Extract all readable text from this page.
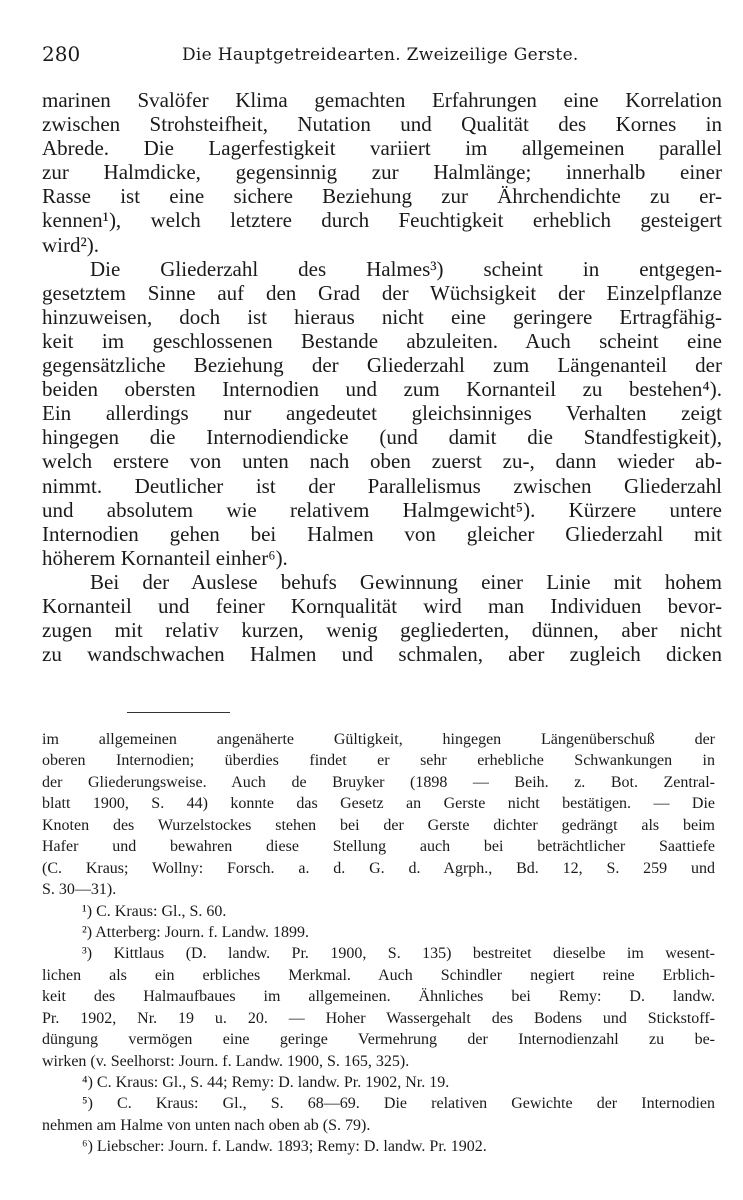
280	Die Hauptgetreidearten. Zweizeilige Gerste.
marinen Svalöfer Klima gemachten Erfahrungen eine Korrelation
zwischen Strohsteifheit, Nutation und Qualität des Kornes in
Abrede. Die Lagerfestigkeit variiert im allgemeinen parallel
zur Halmdicke, gegensinnig zur Halmlänge; innerhalb einer
Rasse ist eine sichere Beziehung zur Ährchendichte zu er-
kennen¹), welch letztere durch Feuchtigkeit erheblich gesteigert
wird²).
Die Gliederzahl des Halmes³) scheint in entgegen-
gesetztem Sinne auf den Grad der Wüchsigkeit der Einzelpflanze
hinzuweisen, doch ist hieraus nicht eine geringere Ertragfähig-
keit im geschlossenen Bestande abzuleiten. Auch scheint eine
gegensätzliche Beziehung der Gliederzahl zum Längenanteil der
beiden obersten Internodien und zum Kornanteil zu bestehen⁴).
Ein allerdings nur angedeutet gleichsinniges Verhalten zeigt
hingegen die Internodiendicke (und damit die Standfestigkeit),
welch erstere von unten nach oben zuerst zu-, dann wieder ab-
nimmt. Deutlicher ist der Parallelismus zwischen Gliederzahl
und absolutem wie relativem Halmgewicht⁵). Kürzere untere
Internodien gehen bei Halmen von gleicher Gliederzahl mit
höherem Kornanteil einher⁶).
Bei der Auslese behufs Gewinnung einer Linie mit hohem
Kornanteil und feiner Kornqualität wird man Individuen bevor-
zugen mit relativ kurzen, wenig gegliederten, dünnen, aber nicht
zu wandschwachen Halmen und schmalen, aber zugleich dicken
im allgemeinen angenäherte Gültigkeit, hingegen Längenüberschuß der
oberen Internodien; überdies findet er sehr erhebliche Schwankungen in
der Gliederungsweise. Auch de Bruyker (1898 — Beih. z. Bot. Zentral-
blatt 1900, S. 44) konnte das Gesetz an Gerste nicht bestätigen. — Die
Knoten des Wurzelstockes stehen bei der Gerste dichter gedrängt als beim
Hafer und bewahren diese Stellung auch bei beträchtlicher Saattiefe
(C. Kraus; Wollny: Forsch. a. d. G. d. Agrph., Bd. 12, S. 259 und
S. 30—31).
¹) C. Kraus: Gl., S. 60.
²) Atterberg: Journ. f. Landw. 1899.
³) Kittlaus (D. landw. Pr. 1900, S. 135) bestreitet dieselbe im wesent-
lichen als ein erbliches Merkmal. Auch Schindler negiert reine Erblich-
keit des Halmaufbaues im allgemeinen. Ähnliches bei Remy: D. landw.
Pr. 1902, Nr. 19 u. 20. — Hoher Wassergehalt des Bodens und Stickstoff-
düngung vermögen eine geringe Vermehrung der Internodienzahl zu be-
wirken (v. Seelhorst: Journ. f. Landw. 1900, S. 165, 325).
⁴) C. Kraus: Gl., S. 44; Remy: D. landw. Pr. 1902, Nr. 19.
⁵) C. Kraus: Gl., S. 68—69. Die relativen Gewichte der Internodien
nehmen am Halme von unten nach oben ab (S. 79).
⁶) Liebscher: Journ. f. Landw. 1893; Remy: D. landw. Pr. 1902.
